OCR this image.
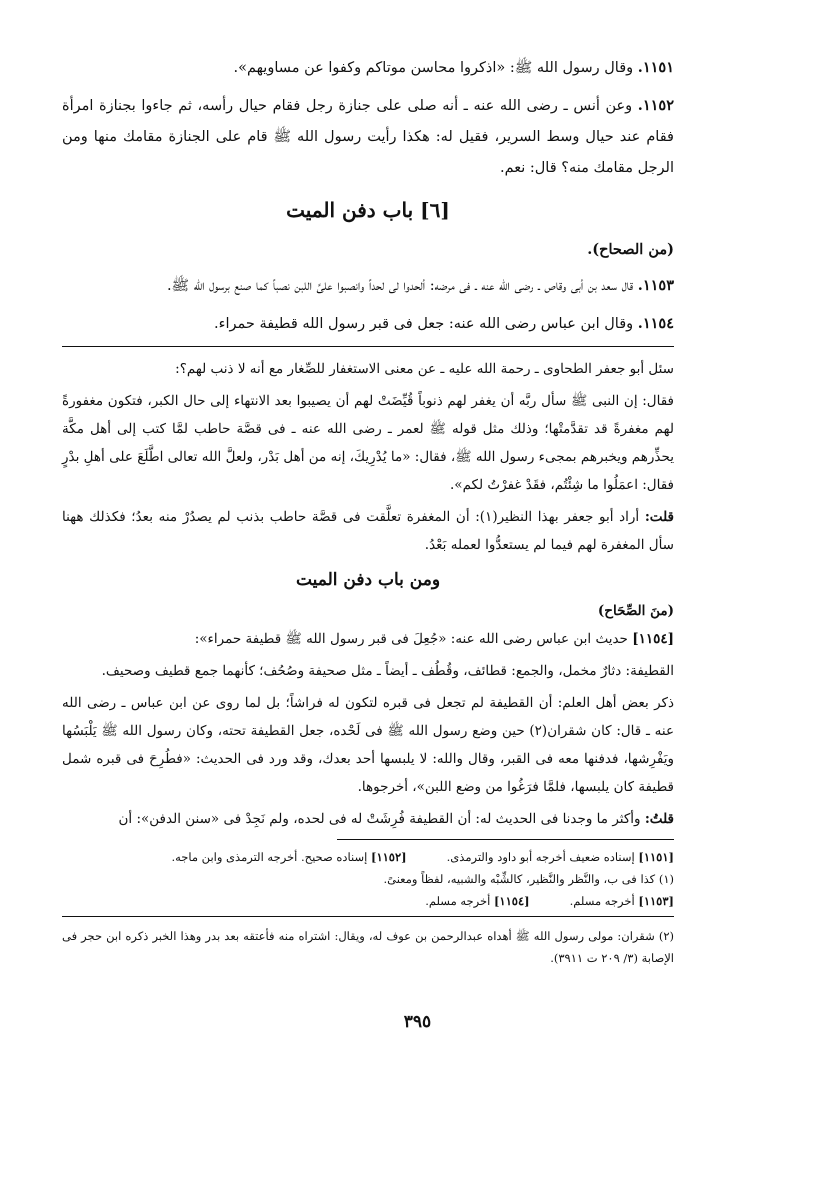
١١٥١. وقال رسول الله ﷺ: «اذكروا محاسن موتاكم وكفوا عن مساويهم».

١١٥٢. وعن أنس ـ رضى الله عنه ـ أنه صلى على جنازة رجل فقام حيال رأسه، ثم جاءوا بجنازة امرأة فقام عند حيال وسط السرير، فقيل له: هكذا رأيت رسول الله ﷺ قام على الجنازة مقامك منها ومن الرجل مقامك منه؟ قال: نعم.

[٦] باب دفن الميت
(من الصحاح).

١١٥٣. قال سعد بن أبى وقاص ـ رضى الله عنه ـ فى مرضه: ألحدوا لى لحداً وانصبوا علىَّ اللبن نصباً كما صنع برسول الله ﷺ.

١١٥٤. وقال ابن عباس رضى الله عنه: جعل فى قبر رسول الله قطيفة حمراء.

سئل أبو جعفر الطحاوى ـ رحمة الله عليه ـ عن معنى الاستغفار للصِّغار مع أنه لا ذنب لهم؟:

فقال: إن النبى ﷺ سأل ربَّه أن يغفر لهم ذنوباً قُيِّضَتْ لهم أن يصيبوا بعد الانتهاء إلى حال الكبر، فتكون مغفورةً لهم مغفرةً قد تقدَّمتْها؛ وذلك مثل قوله ﷺ لعمر ـ رضى الله عنه ـ فى قصَّة حاطب لمَّا كتب إلى أهل مكَّة يحذِّرهم ويخبرهم بمجىء رسول الله ﷺ، فقال: «ما يُدْرِيكَ، إنه من أهل بَدْر، ولعلَّ الله تعالى اطَّلَعَ على أهلِ بدْرٍ فقال: اعمَلُوا ما شِئْتُم، فقَدْ غفرْتُ لكم».

قلت: أراد أبو جعفر بهذا النظير(١): أن المغفرة تعلَّقت فى قصَّة حاطب بذنب لم يصدُرْ منه بعدُ؛ فكذلك ههنا سأل المغفرة لهم فيما لم يستعدُّوا لعمله بَعْدُ.

ومن باب دفن الميت
(منَ الصِّحَاح)

[١١٥٤] حديث ابن عباس رضى الله عنه: «جُعِلَ فى قبر رسول الله ﷺ قطيفة حمراء»:

القطيفة: دثارٌ مخمل، والجمع: قطائف، وقُطُف ـ أيضاً ـ مثل صحيفة وصُحُف؛ كأنهما جمع قطيف وصحيف.

ذكر بعض أهل العلم: أن القطيفة لم تجعل فى قبره لتكون له فراشاً؛ بل لما روى عن ابن عباس ـ رضى الله عنه ـ قال: كان شقران(٢) حين وضع رسول الله ﷺ فى لَحْده، جعل القطيفة تحته، وكان رسول الله ﷺ يَلْبَسُها ويَفْرِشها، فدفنها معه فى القبر، وقال والله: لا يلبسها أحد بعدك، وقد ورد فى الحديث: «فطُرِحَ فى قبره شمل قطيفة كان يلبسها، فلمَّا فرَغُوا من وضع اللبن»، أخرجوها.

قلتُ: وأكثر ما وجدنا فى الحديث له: أن القطيفة فُرِشَتْ له فى لحده، ولم نَجِدْ فى «سنن الدفن»: أن

[١١٥١] إسناده ضعيف أخرجه أبو داود والترمذى.
[١١٥٢] إسناده صحيح. أخرجه الترمذى وابن ماجه.

(١) كذا فى ب، والنَّظر والنَّظير، كالشِّبْه والشبيه، لفظاً ومعنىً.

[١١٥٣] أخرجه مسلم.
[١١٥٤] أخرجه مسلم.

(٢) شقران: مولى رسول الله ﷺ أهداه عبدالرحمن بن عوف له، ويقال: اشتراه منه فأعتقه بعد بدر وهذا الخبر ذكره ابن حجر فى الإصابة (٣/ ٢٠٩ ت ٣٩١١).

٣٩٥
